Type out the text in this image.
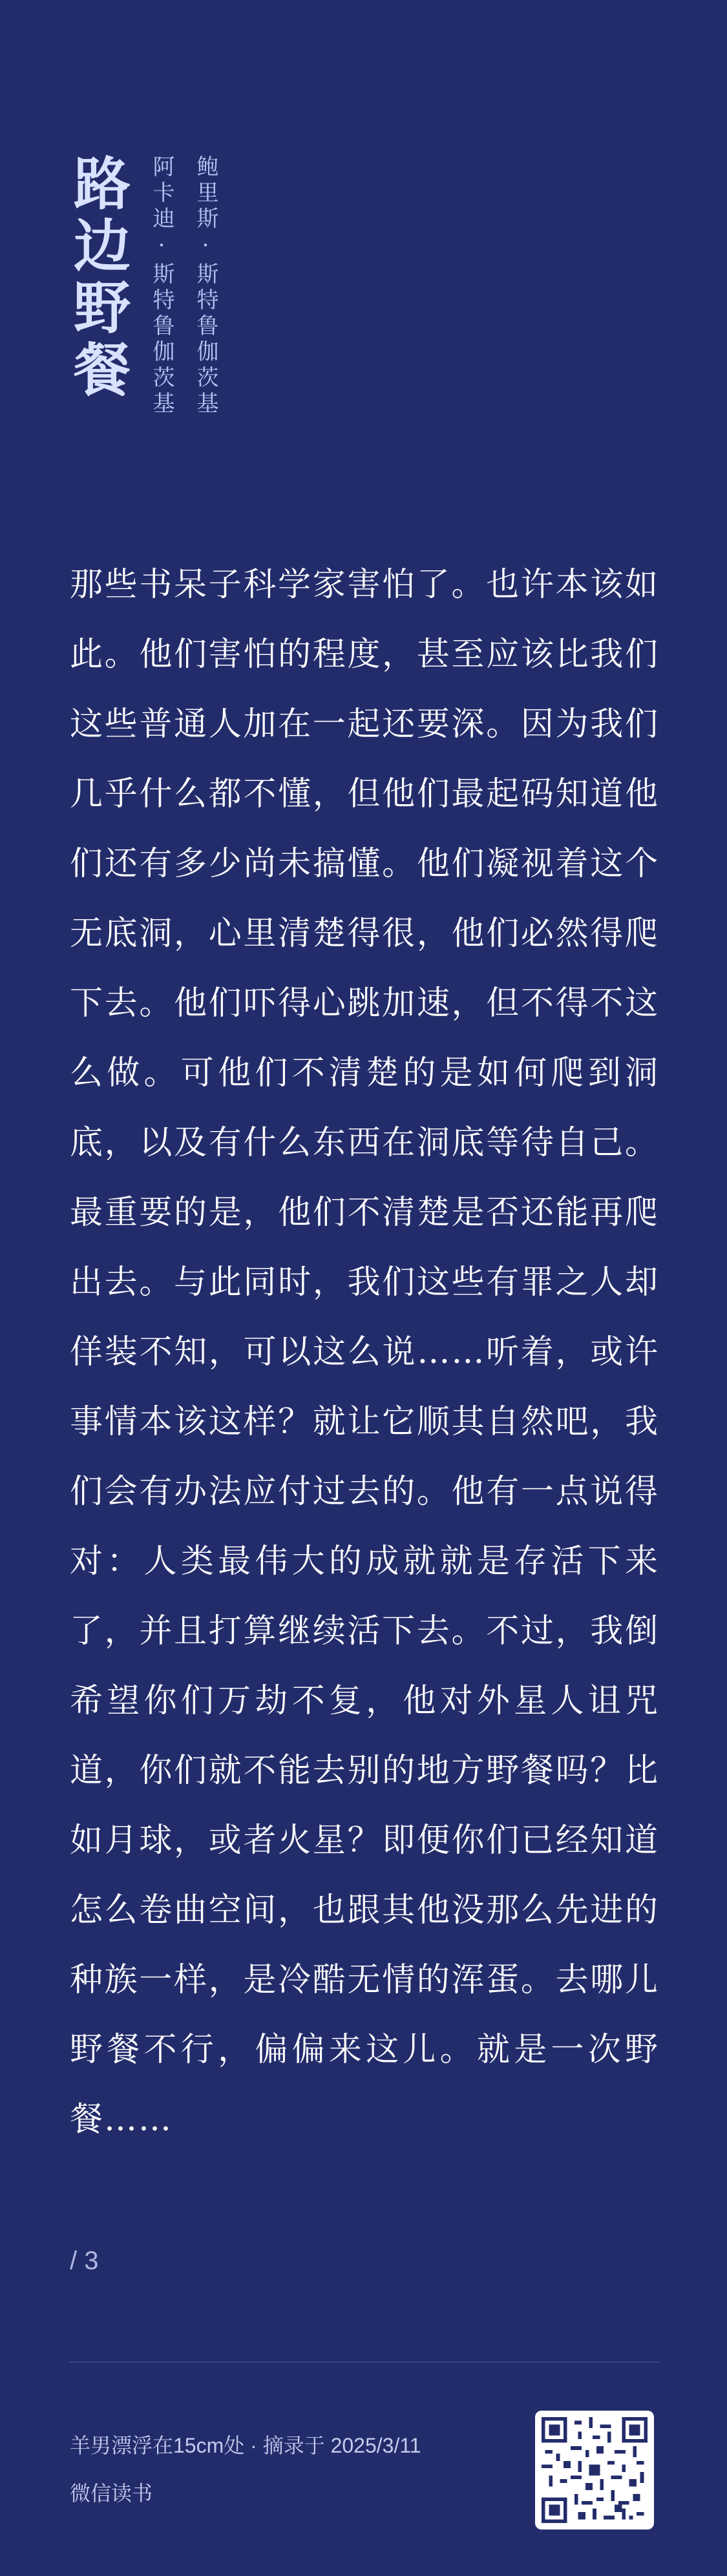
路边野餐	鲍里斯·斯特鲁伽茨基
阿卡迪·斯特鲁伽茨基

那些书呆子科学家害怕了。也许本该如此。他们害怕的程度，甚至应该比我们这些普通人加在一起还要深。因为我们几乎什么都不懂，但他们最起码知道他们还有多少尚未搞懂。他们凝视着这个无底洞，心里清楚得很，他们必然得爬下去。他们吓得心跳加速，但不得不这么做。可他们不清楚的是如何爬到洞底，以及有什么东西在洞底等待自己。最重要的是，他们不清楚是否还能再爬出去。与此同时，我们这些有罪之人却佯装不知，可以这么说……听着，或许事情本该这样？就让它顺其自然吧，我们会有办法应付过去的。他有一点说得对：人类最伟大的成就就是存活下来了，并且打算继续活下去。不过，我倒希望你们万劫不复，他对外星人诅咒道，你们就不能去别的地方野餐吗？比如月球，或者火星？即便你们已经知道怎么卷曲空间，也跟其他没那么先进的种族一样，是冷酷无情的浑蛋。去哪儿野餐不行，偏偏来这儿。就是一次野餐……

/ 3
羊男漂浮在15cm处 · 摘录于 2025/3/11
微信读书
